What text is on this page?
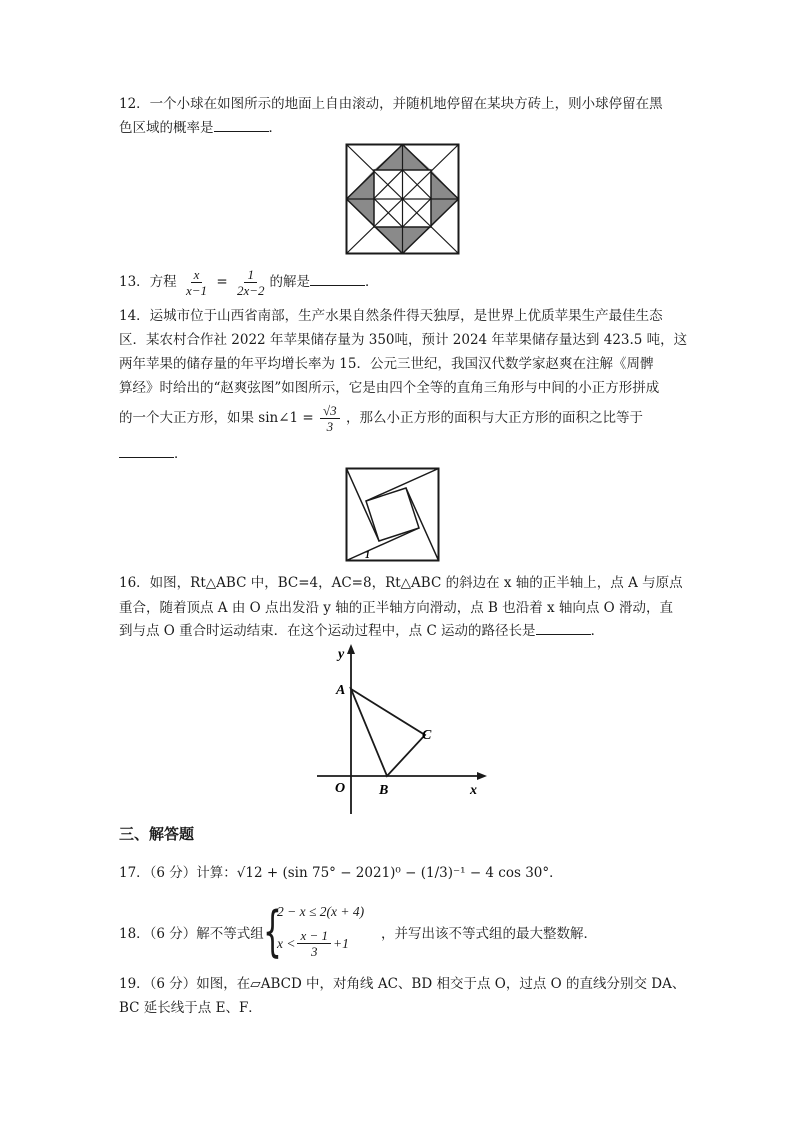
12．一个小球在如图所示的地面上自由滚动，并随机地停留在某块方砖上，则小球停留在黑
色区域的概率是	．
13．方程 $\frac{x}{x-1} = \frac{1}{2x-2}$ 的解是	．
14．运城市位于山西省南部，生产水果自然条件得天独厚，是世界上优质苹果生产最佳生态
区．某农村合作社 2022 年苹果储存量为 350吨，预计 2024 年苹果储存量达到 423.5 吨，这
两年苹果的储存量的年平均增长率为 15．公元三世纪，我国汉代数学家赵爽在注解《周髀
算经》时给出的“赵爽弦图”如图所示，它是由四个全等的直角三角形与中间的小正方形拼成
的一个大正方形，如果 sin∠1 = $\frac{√3}{3}$ ，那么小正方形的面积与大正方形的面积之比等于
．
1
16．如图，Rt△ABC 中，BC=4，AC=8，Rt△ABC 的斜边在 x 轴的正半轴上，点 A 与原点
重合，随着顶点 A 由 O 点出发沿 y 轴的正半轴方向滑动，点 B 也沿着 x 轴向点 O 滑动，直
到与点 O 重合时运动结束．在这个运动过程中，点 C 运动的路径长是	．
y
x
O
A
B
C
三、解答题
17．（6 分）计算：√12 + (sin 75° − 2021)⁰ − (1/3)⁻¹ − 4 cos 30°．
18．（6 分）解不等式组 {
2 − x ≤ 2(x + 4)
$x < \frac{x - 1}{3} +1$
，并写出该不等式组的最大整数解．
19．（6 分）如图，在▱ABCD 中，对角线 AC、BD 相交于点 O，过点 O 的直线分别交 DA、
BC 延长线于点 E、F．
